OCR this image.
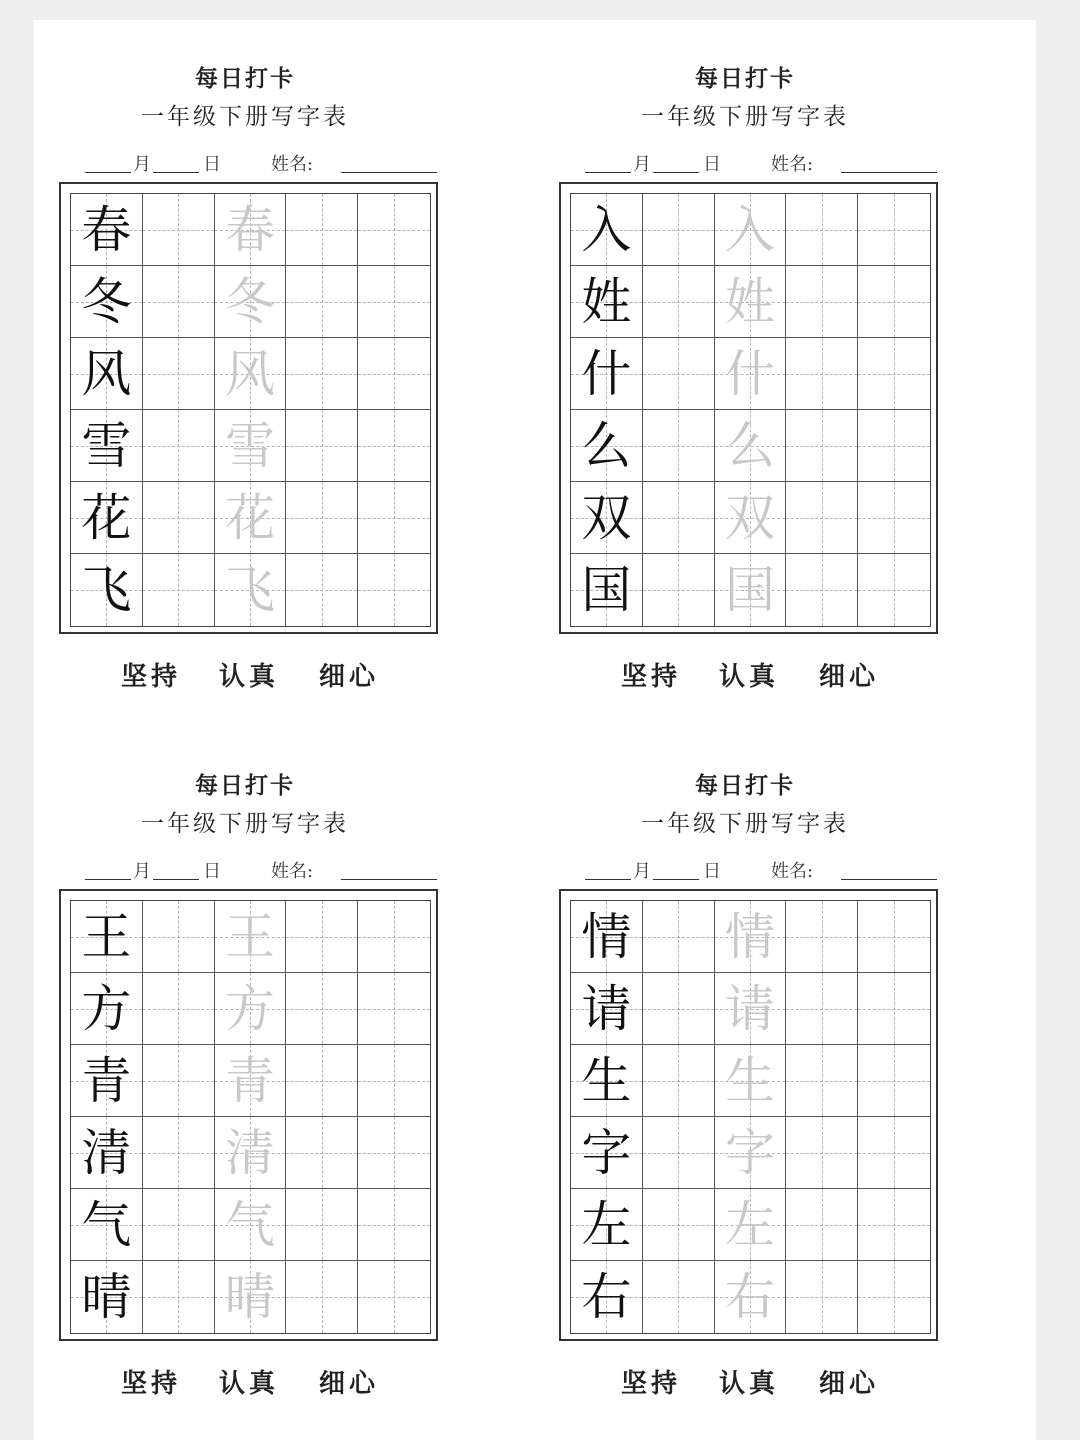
每日打卡
一年级下册写字表
月	日	姓名:
春 春
冬 冬
风 风
雪 雪
花 花
飞 飞
坚持 认真 细心
每日打卡
一年级下册写字表
月	日	姓名:
入 入
姓 姓
什 什
么 么
双 双
国 国
坚持 认真 细心
每日打卡
一年级下册写字表
月	日	姓名:
王 王
方 方
青 青
清 清
气 气
晴 晴
坚持 认真 细心
每日打卡
一年级下册写字表
月	日	姓名:
情 情
请 请
生 生
字 字
左 左
右 右
坚持 认真 细心
